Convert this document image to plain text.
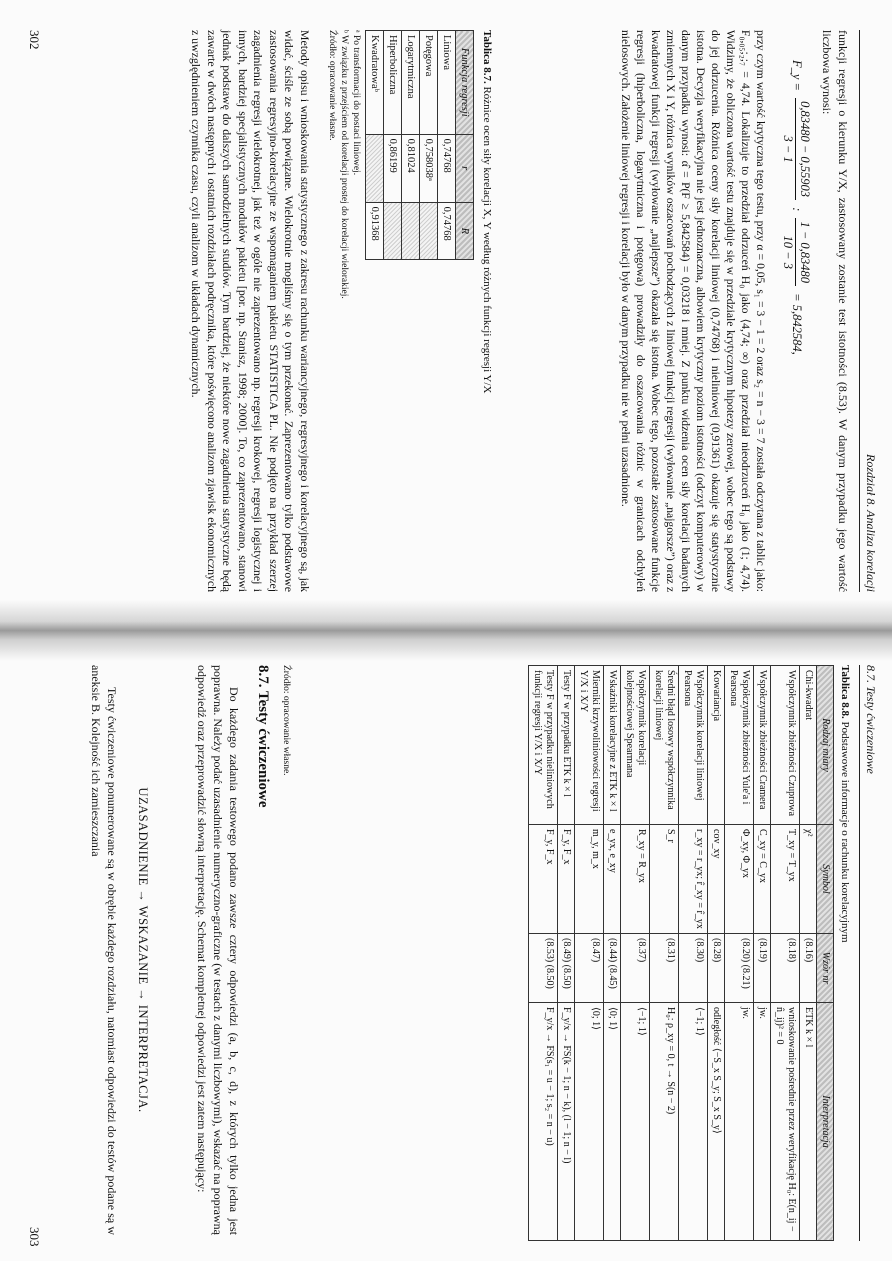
Rozdział 8. Analiza korelacji

funkcji regresji o kierunku Y/X, zastosowany zostanie test istotności (8.53). W danym przypadku jego wartość liczbowa wynosi:

F_y =
0,83480 − 0,55903
3 − 1
:
1 − 0,83480
10 − 3
= 5,842584,

przy czym wartość krytyczna tego testu, przy α = 0,05, s₁ = 3 − 1 = 2 oraz s₂ = n − 3 = 7 została odczytana z tablic jako: F₀,₀₅;₂;₇ = 4,74. Lokalizuje to przedział odrzuceń H₀ jako ⟨4,74; ∞) oraz przedział nieodrzuceń H₀ jako (1; 4,74). Widzimy, że obliczona wartość testu znajduje się w przedziale krytycznym hipotezy zerowej, wobec tego są podstawy do jej odrzucenia. Różnica oceny siły korelacji liniowej (0,74768) i nieliniowej (0,91361) okazuje się statystycznie istotna. Decyzja weryfikacyjna nie jest jednoznaczna, albowiem krytyczny poziom istotności (odczyt komputerowy) w danym przypadku wynosi: α̂ = P(F ≥ 5,842584) = 0,03218 i mniej. Z punktu widzenia ocen siły korelacji badanych zmiennych X i Y, różnica wyników oszacowań pochodzących z liniowej funkcji regresji (wyłowanie „najgorsze”) oraz z kwadratowej funkcji regresji (wyłowanie „najlepsze”) okazała się istotna. Wobec tego, pozostałe zastosowane funkcje regresji (hiperboliczna, logarytmiczna i potęgowa) prowadziły do oszacowania różnic w granicach odchyleń nielosowych. Założenie liniowej regresji i korelacji było w danym przypadku nie w pełni uzasadnione.

Tablica 8.7. Różnice ocen siły korelacji X, Y według różnych funkcji regresji Y/X
Funkcja regresji	r	R
Liniowa	0,74768	0,74768
Potęgowa	0,758038ᵃ	
Logarytmiczna	0,81024	
Hiperboliczna	0,86199	
Kwadratowaᵇ		0,91368
ᵃ Po transformacji do postaci liniowej.
ᵇ W związku z przejściem od korelacji prostej do korelacji wielorakiej.
Źródło: opracowanie własne.

Metody opisu i wnioskowania statystycznego z zakresu rachunku wariancyjnego, regresyjnego i korelacyjnego są, jak widać, ściśle ze sobą powiązane. Wielokrotnie mogliśmy się o tym przekonać. Zaprezentowano tylko podstawowe zastosowania regresyjno-korelacyjne ze wspomaganiem pakietu STATISTICA PL. Nie podjęto na przykład szerzej zagadnienia regresji wielokrotnej, jak też w ogóle nie zaprezentowano np. regresji krokowej, regresji logistycznej i innych, bardziej specjalistycznych modułów pakietu [por. np. Stanisz, 1998; 2000]. To, co zaprezentowano, stanowi jednak podstawę do dalszych samodzielnych studiów. Tym bardziej, że niektóre nowe zagadnienia statystyczne będą zawarte w dwóch następnych i ostatnich rozdziałach podręcznika, które poświęcono analizom zjawisk ekonomicznych z uwzględnieniem czynnika czasu, czyli analizom w układach dynamicznych.

302
8.7. Testy ćwiczeniowe
Tablica 8.8. Podstawowe informacje o rachunku korelacyjnym
Rodzaj miary	Symbol	Wzór nr	Interpretacja
Chi-kwadrat	χ²	(8.16)	ETK k × l
Współczynnik zbieżności Czuprowa	T_xy = T_yx	(8.18)	wnioskowanie pośrednie przez weryfikację H₀: E(n_ij − n̂_ij)² = 0
Współczynnik zbieżności Cramera	C_xy = C_yx	(8.19)	jw.
Współczynnik zbieżności Yule'a i Pearsona	Φ_xy, Φ_yx	(8.20) (8.21)	jw.
Kowariancja	cov_xy	(8.28)	odległość ⟨−S_x S_y; S_x S_y⟩
Współczynnik korelacji liniowej Pearsona	r_xy = r_yx; r̂_xy = r̂_yx	(8.30)	⟨−1; 1⟩
Średni błąd losowy współczynnika korelacji liniowej	S_r	(8.31)	H₀: ρ_xy = 0, t → S(n − 2)
Współczynnik korelacji kolejnościowej Spearmana	R_xy = R_yx	(8.37)	⟨−1; 1⟩
Wskaźniki korelacyjne z ETK k × l	e_yx, e_xy	(8.44) (8.45)	⟨0; 1⟩
Mierniki krzywoliniowości regresji Y/X i X/Y	m_y, m_x	(8.47)	⟨0; 1⟩
Testy F w przypadku ETK k × l	F_y, F_x	(8.49) (8.50)	F_y/x → FS(k − 1; n − k), (l − 1; n − l)
Testy F w przypadku nieliniowych funkcji regresji Y/X i X/Y	F_y, F_x	(8.53) (8.50)	F_y/x → FS(s₁ = u − 1; s₂ = n − u)
Źródło: opracowanie własne.
8.7. Testy ćwiczeniowe

Do każdego zadania testowego podano zawsze cztery odpowiedzi (a, b, c, d), z których tylko jedna jest poprawna. Należy podać uzasadnienie numeryczno-graficzne (w testach z danymi liczbowymi), wskazać na poprawną odpowiedź oraz przeprowadzić słowną interpretację. Schemat kompletnej odpowiedzi jest zatem następujący:

UZASADNIENIE → WSKAZANIE → INTERPRETACJA.

Testy ćwiczeniowe ponumerowane są w obrębie każdego rozdziału, natomiast odpowiedzi do testów podane są w aneksie B. Kolejność ich zamieszczania

303
